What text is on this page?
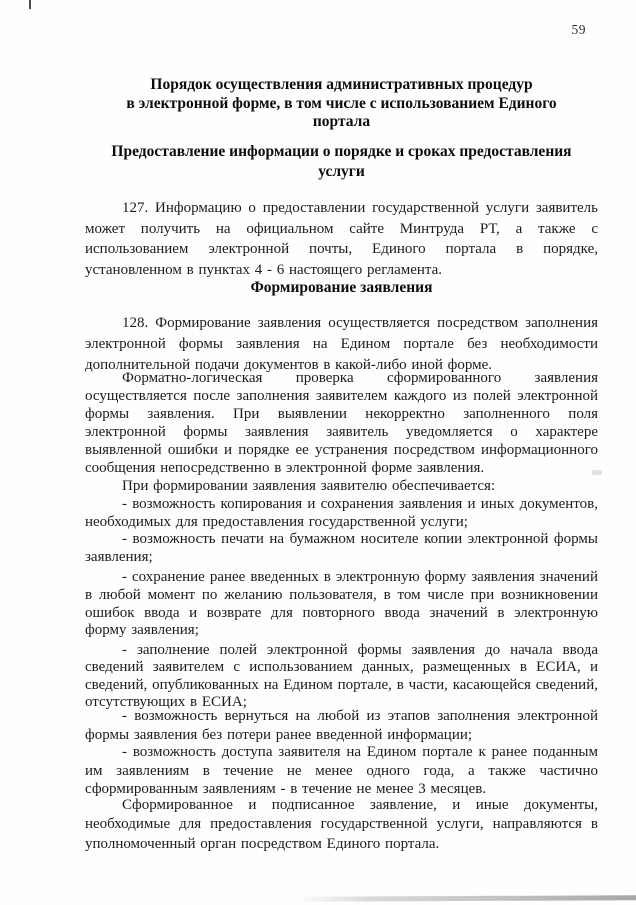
59
Порядок осуществления административных процедур
в электронной форме, в том числе с использованием Единого
портала
Предоставление информации о порядке и сроках предоставления
услуги
127. Информацию о предоставлении государственной услуги заявитель может получить на официальном сайте Минтруда РТ, а также с использованием электронной почты, Единого портала в порядке, установленном в пунктах 4 - 6 настоящего регламента.
Формирование заявления
128. Формирование заявления осуществляется посредством заполнения электронной формы заявления на Едином портале без необходимости дополнительной подачи документов в какой-либо иной форме.
Форматно-логическая проверка сформированного заявления осуществляется после заполнения заявителем каждого из полей электронной формы заявления. При выявлении некорректно заполненного поля электронной формы заявления заявитель уведомляется о характере выявленной ошибки и порядке ее устранения посредством информационного сообщения непосредственно в электронной форме заявления.
При формировании заявления заявителю обеспечивается:
- возможность копирования и сохранения заявления и иных документов, необходимых для предоставления государственной услуги;
- возможность печати на бумажном носителе копии электронной формы заявления;
- сохранение ранее введенных в электронную форму заявления значений в любой момент по желанию пользователя, в том числе при возникновении ошибок ввода и возврате для повторного ввода значений в электронную форму заявления;
- заполнение полей электронной формы заявления до начала ввода сведений заявителем с использованием данных, размещенных в ЕСИА, и сведений, опубликованных на Едином портале, в части, касающейся сведений, отсутствующих в ЕСИА;
- возможность вернуться на любой из этапов заполнения электронной формы заявления без потери ранее введенной информации;
- возможность доступа заявителя на Едином портале к ранее поданным им заявлениям в течение не менее одного года, а также частично сформированным заявлениям - в течение не менее 3 месяцев.
Сформированное и подписанное заявление, и иные документы, необходимые для предоставления государственной услуги, направляются в уполномоченный орган посредством Единого портала.
